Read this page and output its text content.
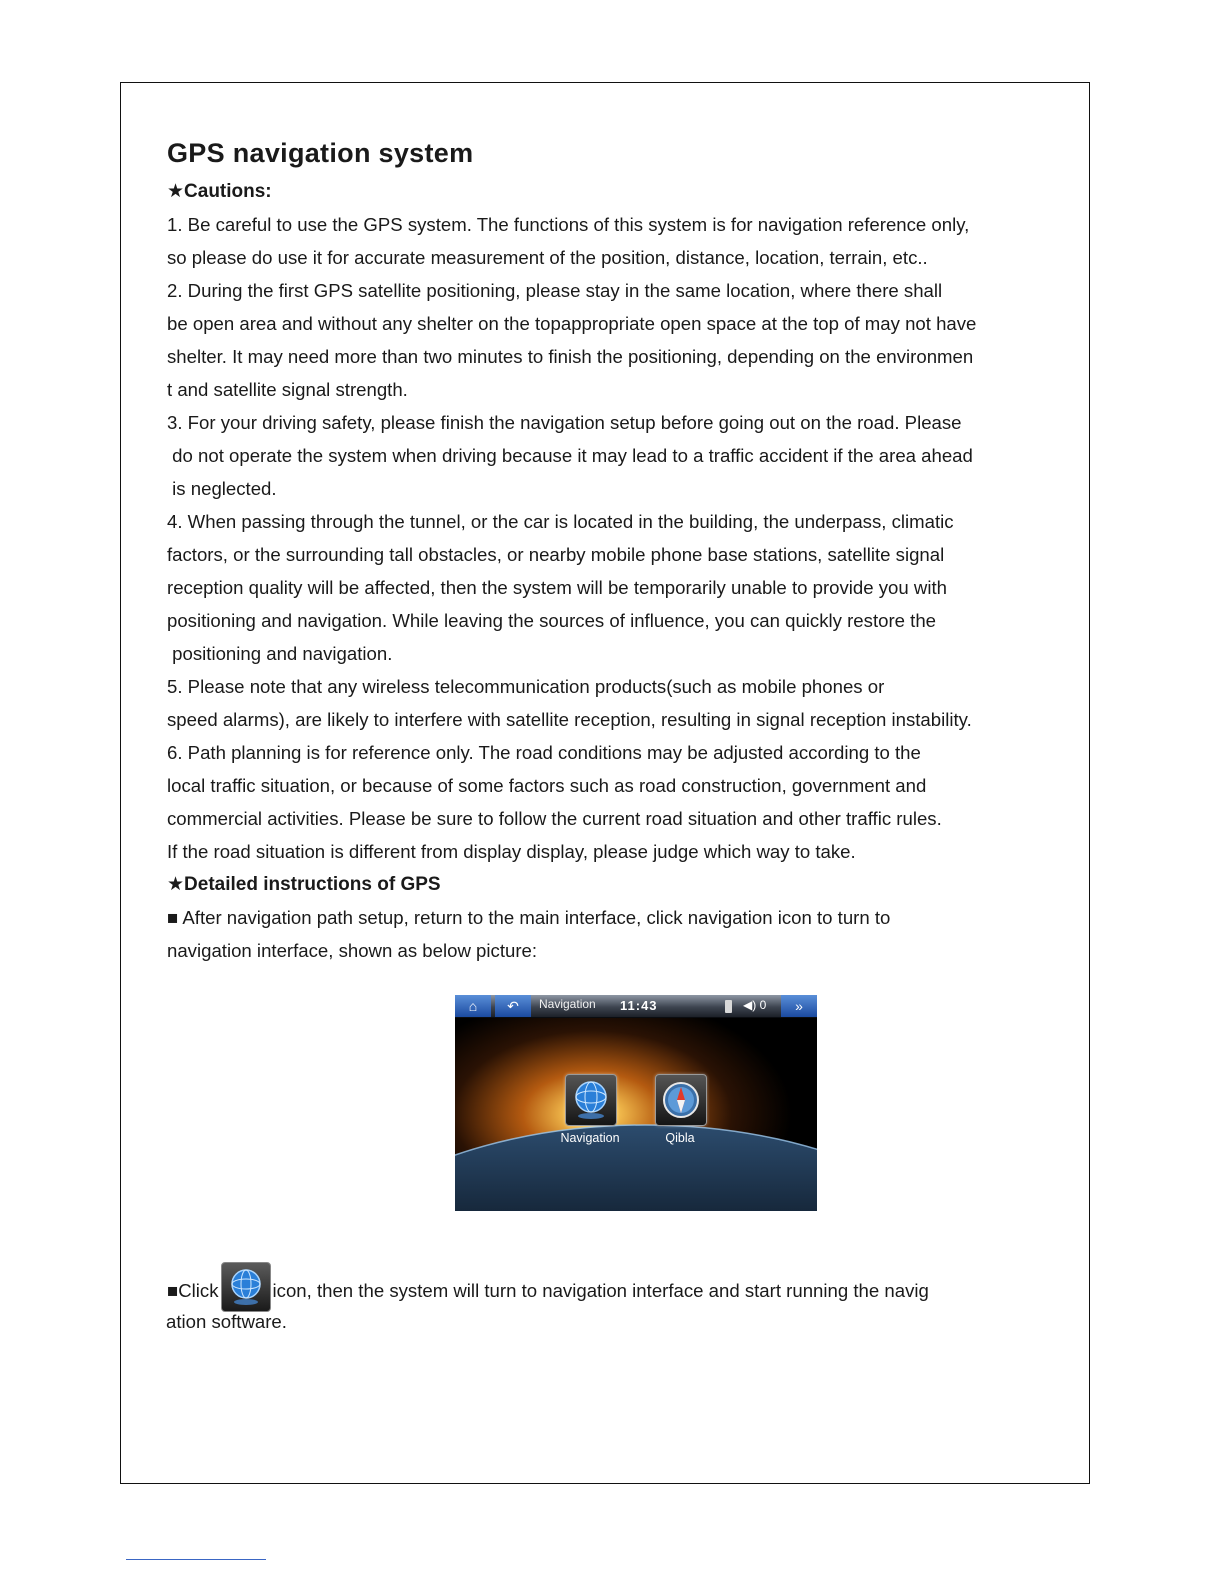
GPS navigation system
★Cautions:
1. Be careful to use the GPS system. The functions of this system is for navigation reference only,
so please do use it for accurate measurement of the position, distance, location, terrain, etc..
2. During the first GPS satellite positioning, please stay in the same location, where there shall
be open area and without any shelter on the topappropriate open space at the top of may not have
shelter. It may need more than two minutes to finish the positioning, depending on the environmen
t and satellite signal strength.
3. For your driving safety, please finish the navigation setup before going out on the road. Please
do not operate the system when driving because it may lead to a traffic accident if the area ahead
is neglected.
4. When passing through the tunnel, or the car is located in the building, the underpass, climatic
factors, or the surrounding tall obstacles, or nearby mobile phone base stations, satellite signal
reception quality will be affected, then the system will be temporarily unable to provide you with
positioning and navigation. While leaving the sources of influence, you can quickly restore the
positioning and navigation.
5. Please note that any wireless telecommunication products(such as mobile phones or
speed alarms), are likely to interfere with satellite reception, resulting in signal reception instability.
6. Path planning is for reference only. The road conditions may be adjusted according to the
local traffic situation, or because of some factors such as road construction, government and
commercial activities. Please be sure to follow the current road situation and other traffic rules.
If the road situation is different from display display, please judge which way to take.
★Detailed instructions of GPS
■ After navigation path setup, return to the main interface, click navigation icon to turn to
navigation interface, shown as below picture:
⌂	↶	Navigation 11:43	◀) 0	»
Navigation	Qibla
■Click	icon, then the system will turn to navigation interface and start running the navig
ation software.
